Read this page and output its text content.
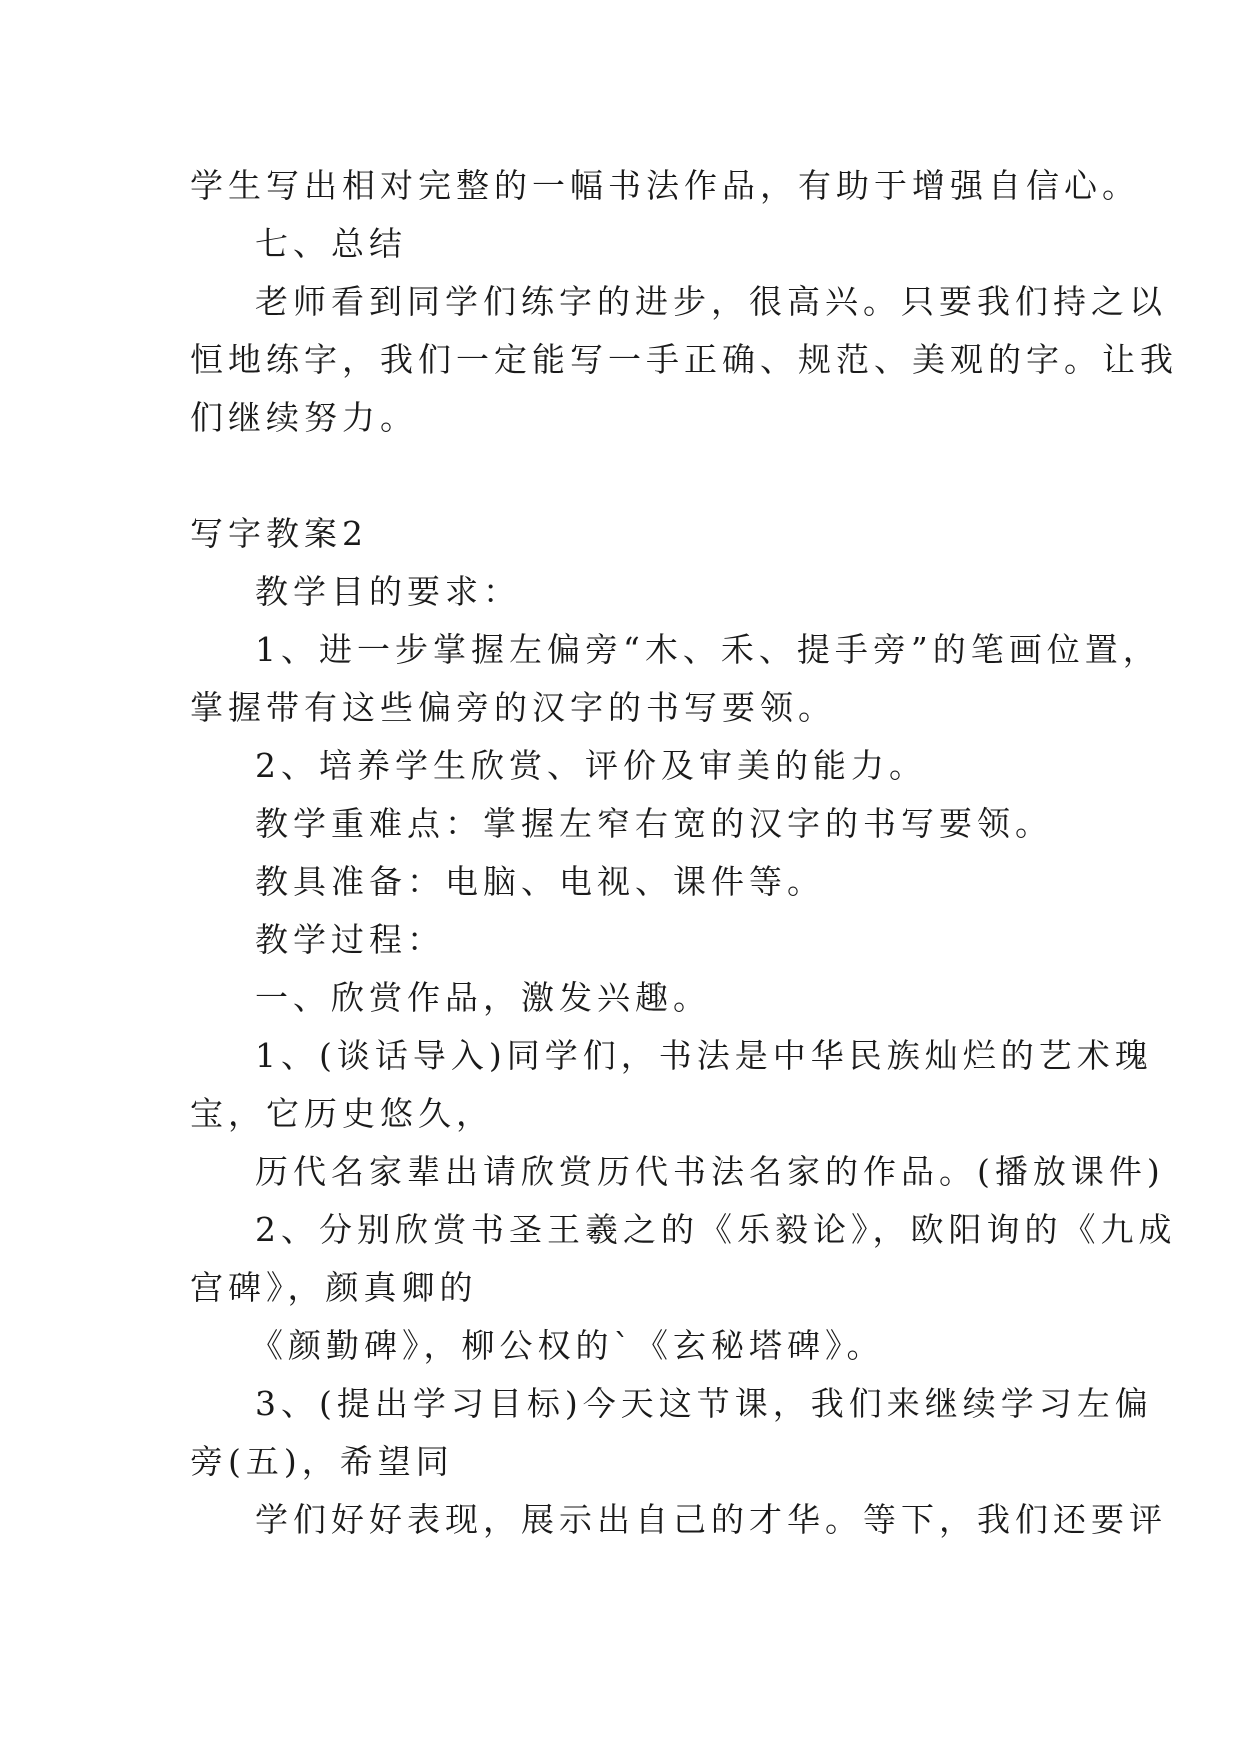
学生写出相对完整的一幅书法作品，有助于增强自信心。
七、总结
老师看到同学们练字的进步，很高兴。只要我们持之以
恒地练字，我们一定能写一手正确、规范、美观的字。让我
们继续努力。
写字教案2
教学目的要求：
1、进一步掌握左偏旁“木、禾、提手旁”的笔画位置，
掌握带有这些偏旁的汉字的书写要领。
2、培养学生欣赏、评价及审美的能力。
教学重难点：掌握左窄右宽的汉字的书写要领。
教具准备：电脑、电视、课件等。
教学过程：
一、欣赏作品，激发兴趣。
1、(谈话导入)同学们，书法是中华民族灿烂的艺术瑰
宝，它历史悠久，
历代名家辈出请欣赏历代书法名家的作品。(播放课件)
2、分别欣赏书圣王羲之的《乐毅论》，欧阳询的《九成
宫碑》，颜真卿的
《颜勤碑》，柳公权的`《玄秘塔碑》。
3、(提出学习目标)今天这节课，我们来继续学习左偏
旁(五)，希望同
学们好好表现，展示出自己的才华。等下，我们还要评
